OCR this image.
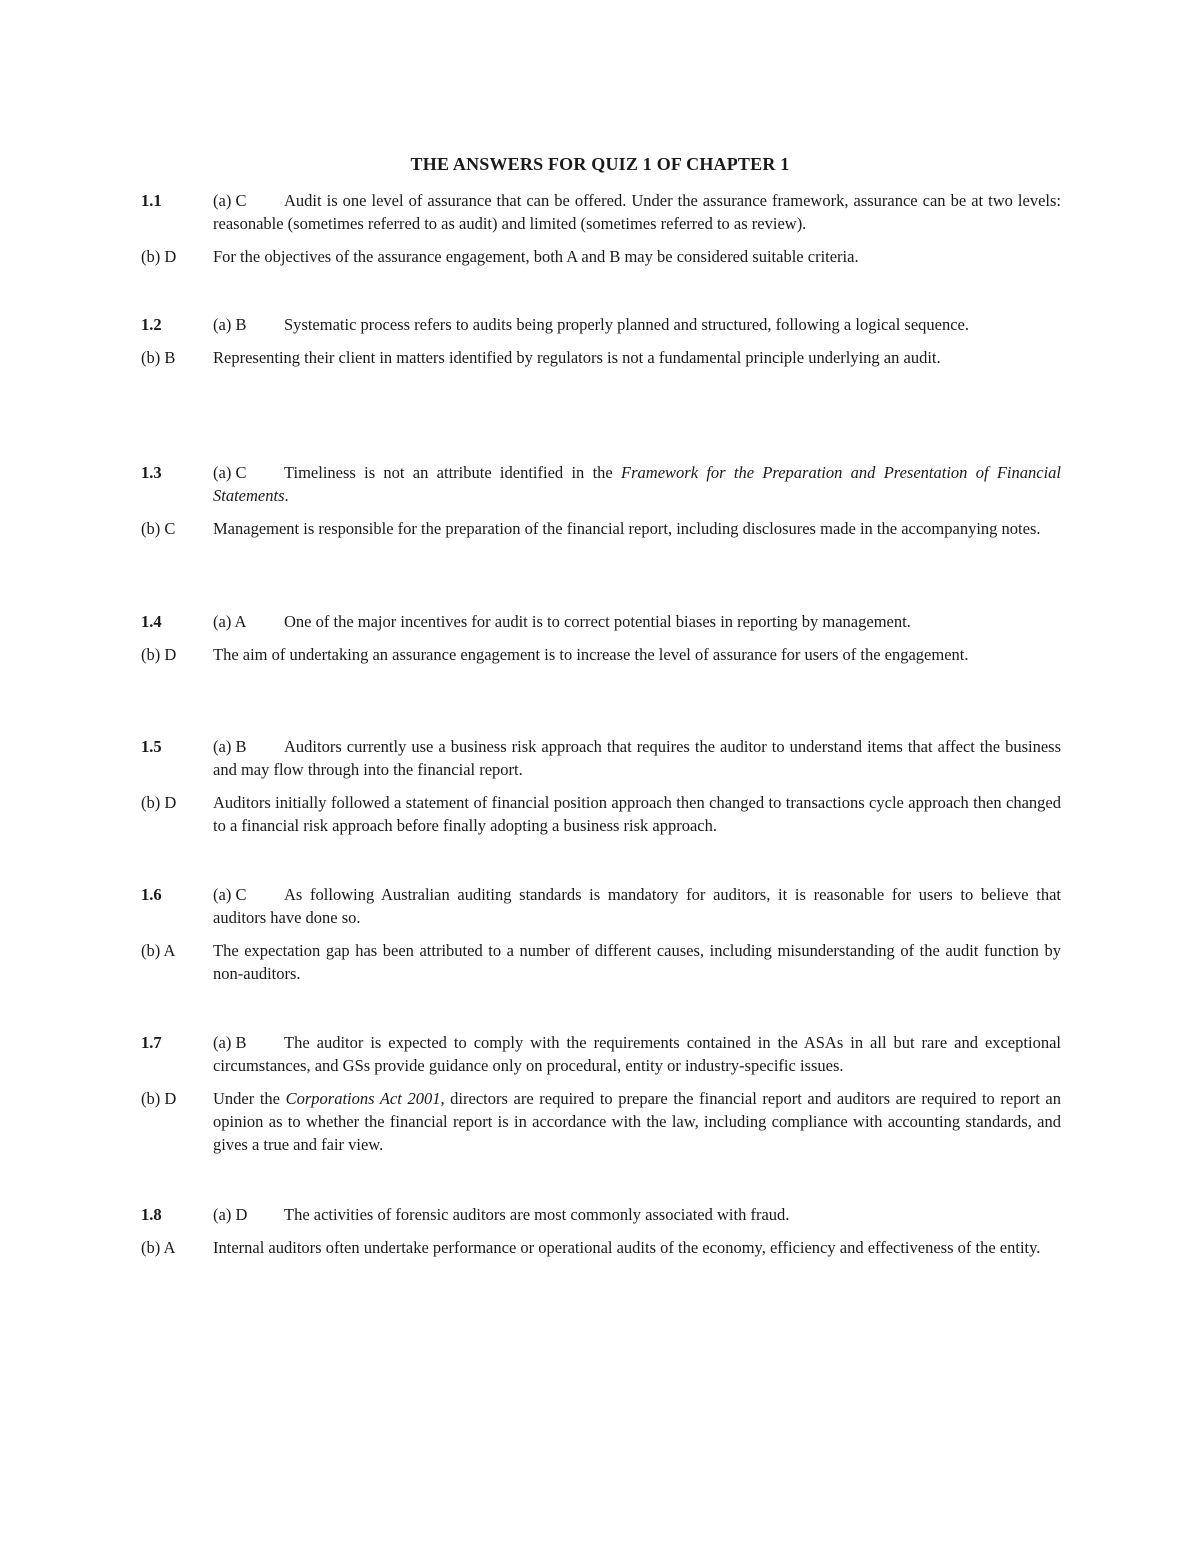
THE ANSWERS FOR QUIZ 1 OF CHAPTER 1
1.1	(a) C Audit is one level of assurance that can be offered. Under the assurance framework, assurance can be at two levels: reasonable (sometimes referred to as audit) and limited (sometimes referred to as review).
(b) D For the objectives of the assurance engagement, both A and B may be considered suitable criteria.
1.2	(a) B Systematic process refers to audits being properly planned and structured, following a logical sequence.
(b) B Representing their client in matters identified by regulators is not a fundamental principle underlying an audit.
1.3	(a) C Timeliness is not an attribute identified in the Framework for the Preparation and Presentation of Financial Statements.
(b) C Management is responsible for the preparation of the financial report, including disclosures made in the accompanying notes.
1.4	(a) A One of the major incentives for audit is to correct potential biases in reporting by management.
(b) D The aim of undertaking an assurance engagement is to increase the level of assurance for users of the engagement.
1.5	(a) B Auditors currently use a business risk approach that requires the auditor to understand items that affect the business and may flow through into the financial report.
(b) D Auditors initially followed a statement of financial position approach then changed to transactions cycle approach then changed to a financial risk approach before finally adopting a business risk approach.
1.6	(a) C As following Australian auditing standards is mandatory for auditors, it is reasonable for users to believe that auditors have done so.
(b) A The expectation gap has been attributed to a number of different causes, including misunderstanding of the audit function by non-auditors.
1.7	(a) B The auditor is expected to comply with the requirements contained in the ASAs in all but rare and exceptional circumstances, and GSs provide guidance only on procedural, entity or industry-specific issues.
(b) D Under the Corporations Act 2001, directors are required to prepare the financial report and auditors are required to report an opinion as to whether the financial report is in accordance with the law, including compliance with accounting standards, and gives a true and fair view.
1.8	(a) D The activities of forensic auditors are most commonly associated with fraud.
(b) A Internal auditors often undertake performance or operational audits of the economy, efficiency and effectiveness of the entity.
